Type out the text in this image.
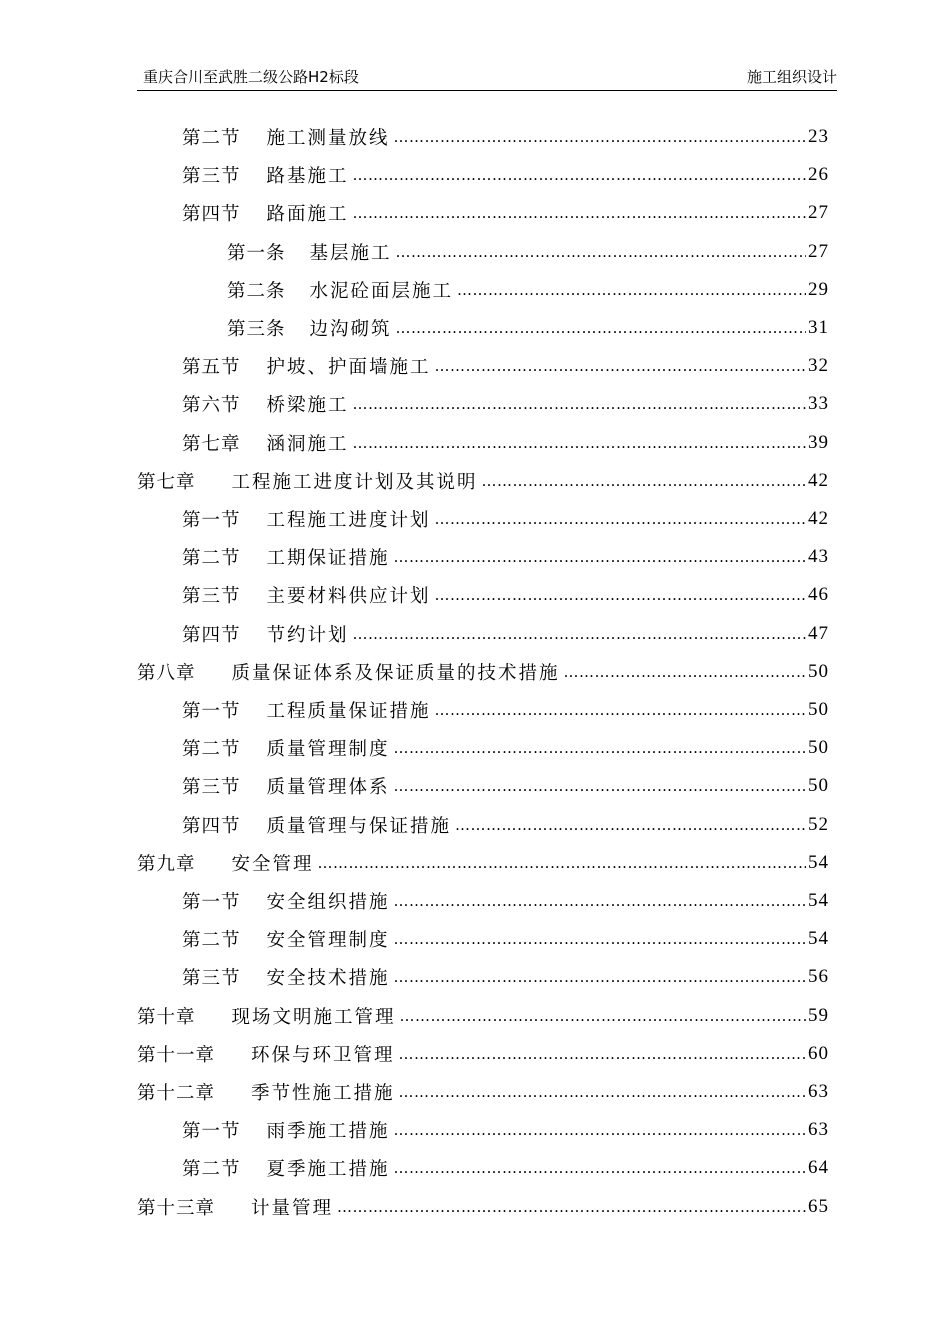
重庆合川至武胜二级公路H2标段	施工组织设计
第二节 施工测量放线 …………………………………………………………………………………………………………………………………………………………………………………………………………………………………………………………	23
第三节 路基施工 …………………………………………………………………………………………………………………………………………………………………………………………………………………………………………………………	26
第四节 路面施工 …………………………………………………………………………………………………………………………………………………………………………………………………………………………………………………………	27
第一条 基层施工 …………………………………………………………………………………………………………………………………………………………………………………………………………………………………………………………	27
第二条 水泥砼面层施工 …………………………………………………………………………………………………………………………………………………………………………………………………………………………………………………………	29
第三条 边沟砌筑 …………………………………………………………………………………………………………………………………………………………………………………………………………………………………………………………	31
第五节 护坡、护面墙施工 …………………………………………………………………………………………………………………………………………………………………………………………………………………………………………………………	32
第六节 桥梁施工 …………………………………………………………………………………………………………………………………………………………………………………………………………………………………………………………	33
第七章 涵洞施工 …………………………………………………………………………………………………………………………………………………………………………………………………………………………………………………………	39
第七章 工程施工进度计划及其说明 …………………………………………………………………………………………………………………………………………………………………………………………………………………………………………………………	42
第一节 工程施工进度计划 …………………………………………………………………………………………………………………………………………………………………………………………………………………………………………………………	42
第二节 工期保证措施 …………………………………………………………………………………………………………………………………………………………………………………………………………………………………………………………	43
第三节 主要材料供应计划 …………………………………………………………………………………………………………………………………………………………………………………………………………………………………………………………	46
第四节 节约计划 …………………………………………………………………………………………………………………………………………………………………………………………………………………………………………………………	47
第八章 质量保证体系及保证质量的技术措施 …………………………………………………………………………………………………………………………………………………………………………………………………………………………………………………………	50
第一节 工程质量保证措施 …………………………………………………………………………………………………………………………………………………………………………………………………………………………………………………………	50
第二节 质量管理制度 …………………………………………………………………………………………………………………………………………………………………………………………………………………………………………………………	50
第三节 质量管理体系 …………………………………………………………………………………………………………………………………………………………………………………………………………………………………………………………	50
第四节 质量管理与保证措施 …………………………………………………………………………………………………………………………………………………………………………………………………………………………………………………………	52
第九章 安全管理 …………………………………………………………………………………………………………………………………………………………………………………………………………………………………………………………	54
第一节 安全组织措施 …………………………………………………………………………………………………………………………………………………………………………………………………………………………………………………………	54
第二节 安全管理制度 …………………………………………………………………………………………………………………………………………………………………………………………………………………………………………………………	54
第三节 安全技术措施 …………………………………………………………………………………………………………………………………………………………………………………………………………………………………………………………	56
第十章 现场文明施工管理 …………………………………………………………………………………………………………………………………………………………………………………………………………………………………………………………	59
第十一章 环保与环卫管理 …………………………………………………………………………………………………………………………………………………………………………………………………………………………………………………………	60
第十二章 季节性施工措施 …………………………………………………………………………………………………………………………………………………………………………………………………………………………………………………………	63
第一节 雨季施工措施 …………………………………………………………………………………………………………………………………………………………………………………………………………………………………………………………	63
第二节 夏季施工措施 …………………………………………………………………………………………………………………………………………………………………………………………………………………………………………………………	64
第十三章 计量管理 …………………………………………………………………………………………………………………………………………………………………………………………………………………………………………………………	65
